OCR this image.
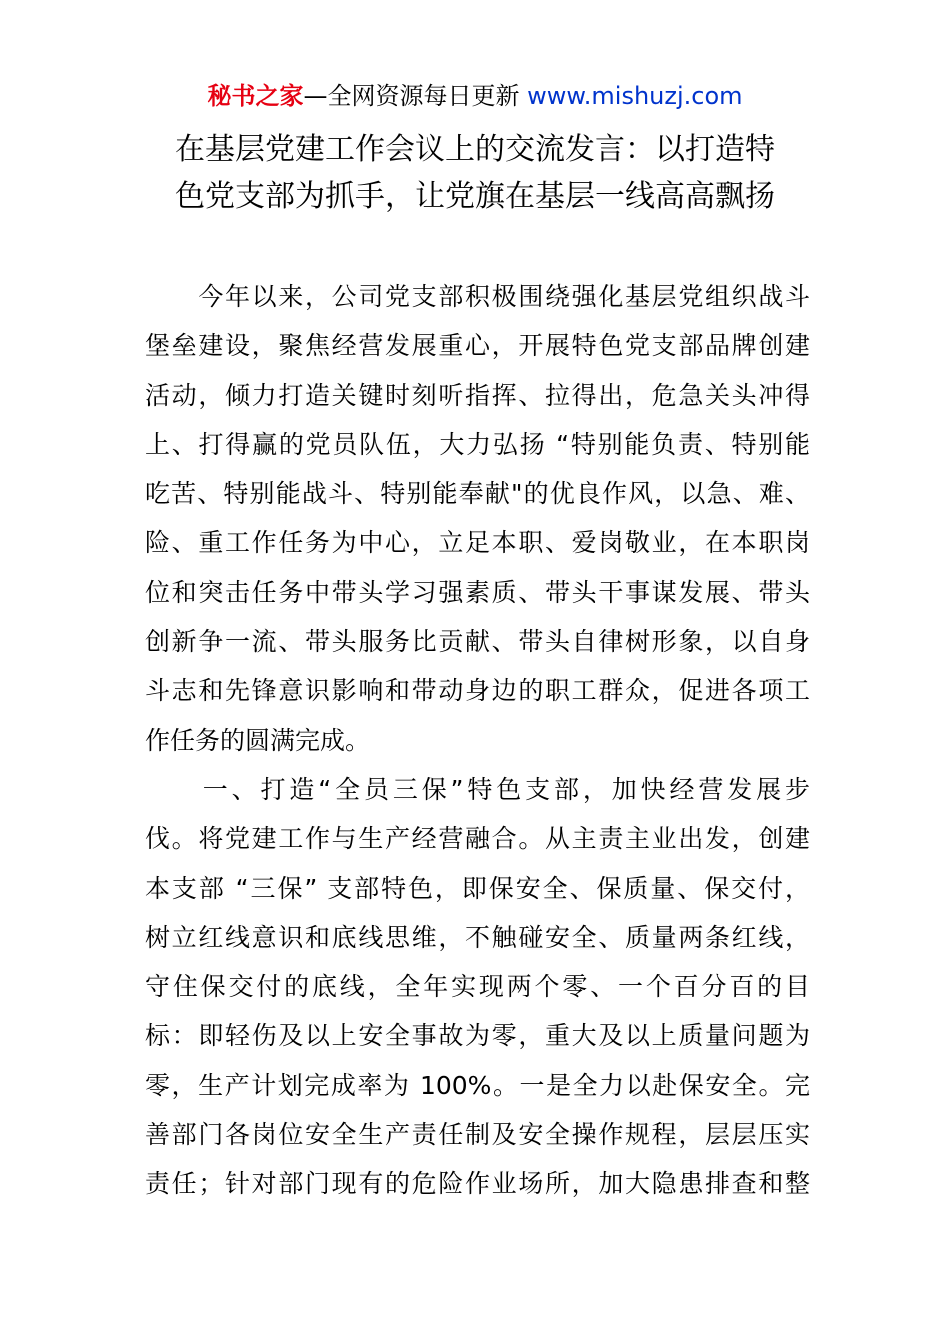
秘书之家—全网资源每日更新 www.mishuzj.com
在基层党建工作会议上的交流发言：以打造特
色党支部为抓手，让党旗在基层一线高高飘扬
　　今年以来，公司党支部积极围绕强化基层党组织战斗
堡垒建设，聚焦经营发展重心，开展特色党支部品牌创建
活动，倾力打造关键时刻听指挥、拉得出，危急关头冲得
上、打得赢的党员队伍，大力弘扬 “特别能负责、特别能
吃苦、特别能战斗、特别能奉献"的优良作风，以急、难、
险、重工作任务为中心，立足本职、爱岗敬业，在本职岗
位和突击任务中带头学习强素质、带头干事谋发展、带头
创新争一流、带头服务比贡献、带头自律树形象，以自身
斗志和先锋意识影响和带动身边的职工群众，促进各项工
作任务的圆满完成。
　　一、打造“全员三保”特色支部，加快经营发展步
伐。将党建工作与生产经营融合。从主责主业出发，创建
本支部 “三保” 支部特色，即保安全、保质量、保交付，
树立红线意识和底线思维，不触碰安全、质量两条红线，
守住保交付的底线，全年实现两个零、一个百分百的目
标：即轻伤及以上安全事故为零，重大及以上质量问题为
零，生产计划完成率为 100%。一是全力以赴保安全。完
善部门各岗位安全生产责任制及安全操作规程，层层压实
责任；针对部门现有的危险作业场所，加大隐患排查和整
